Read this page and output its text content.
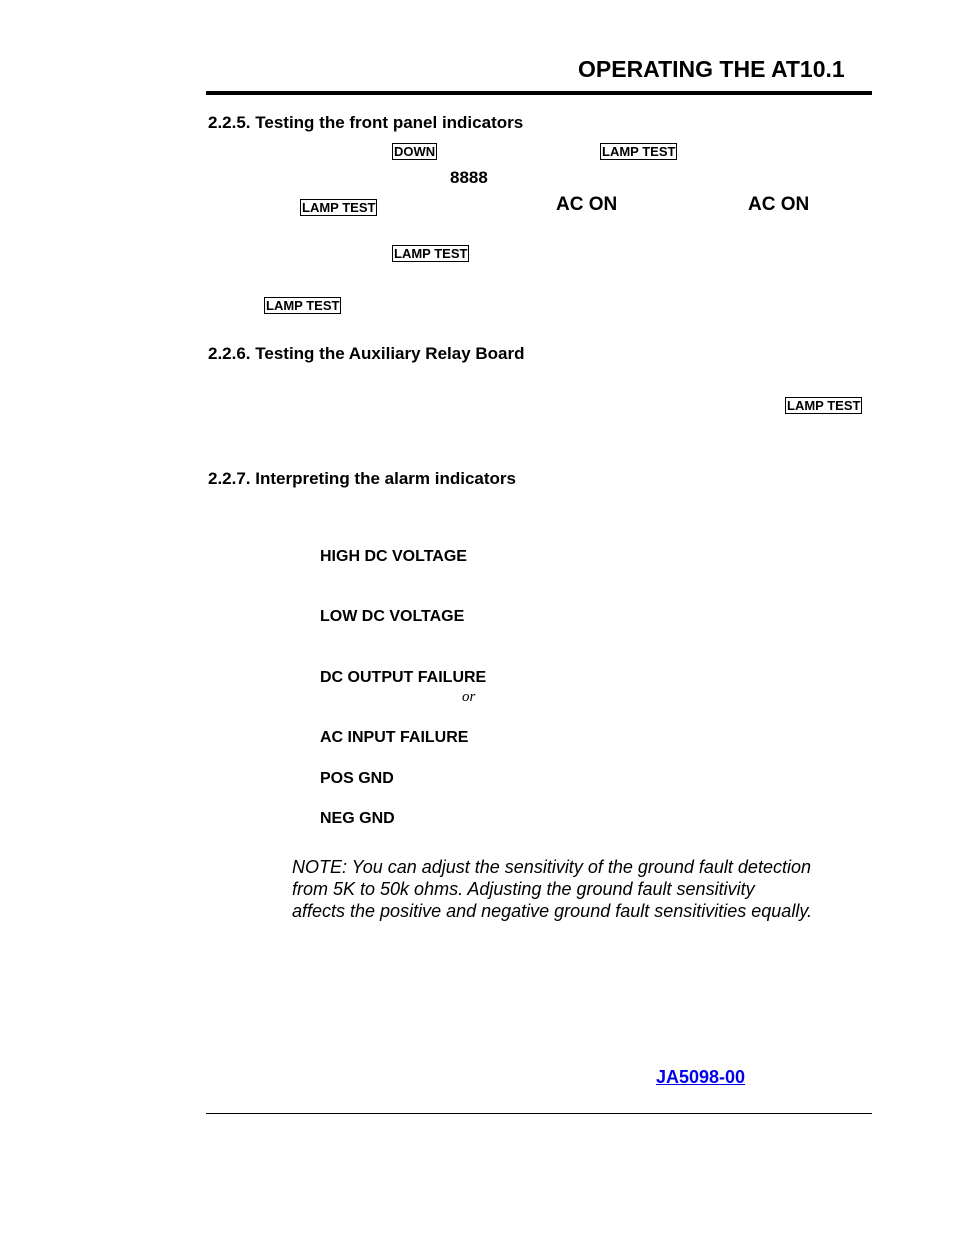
OPERATING THE AT10.1
2.2.5. Testing the front panel indicators
DOWN	LAMP TEST
8888
LAMP TEST	AC ON	AC ON
LAMP TEST
LAMP TEST
2.2.6. Testing the Auxiliary Relay Board
LAMP TEST
2.2.7. Interpreting the alarm indicators
HIGH DC VOLTAGE
LOW DC VOLTAGE
DC OUTPUT FAILURE
or
AC INPUT FAILURE
POS GND
NEG GND
NOTE: You can adjust the sensitivity of the ground fault detection
from 5K to 50k ohms. Adjusting the ground fault sensitivity
affects the positive and negative ground fault sensitivities equally.
JA5098-00
